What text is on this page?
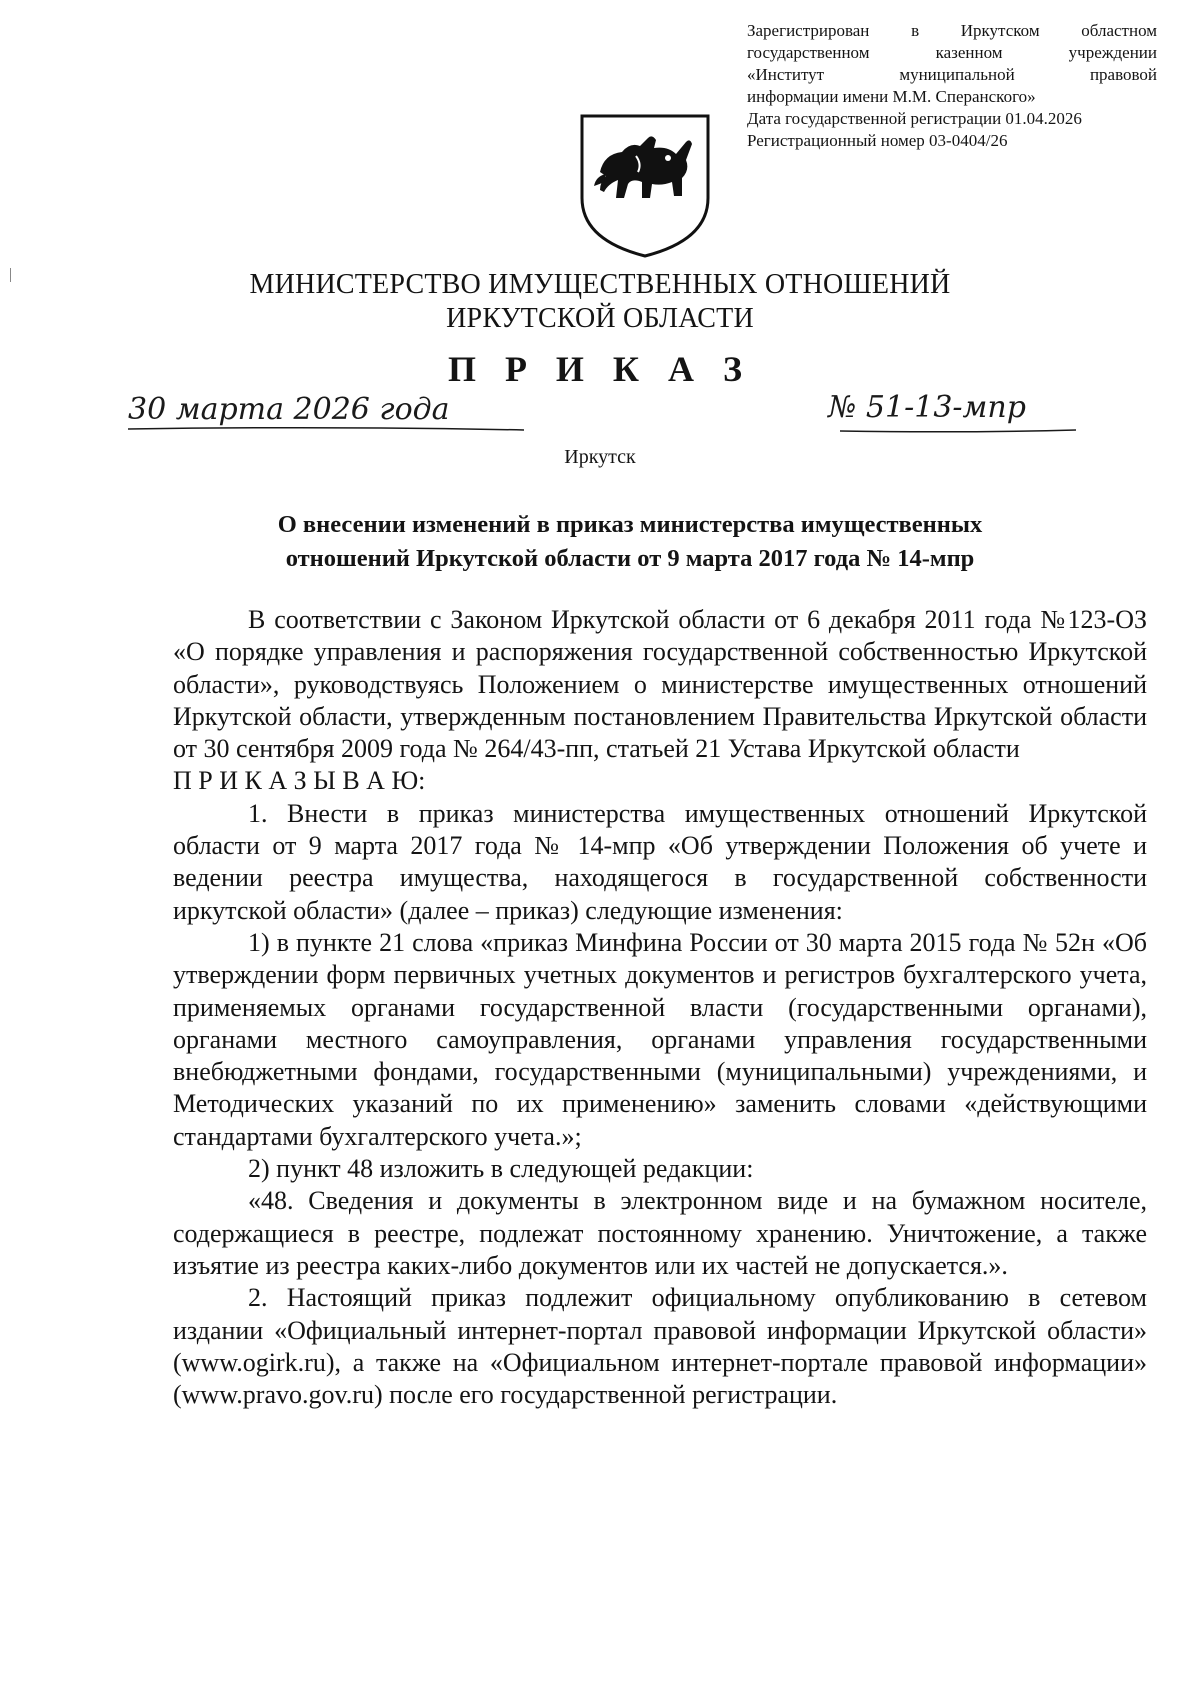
Зарегистрирован в Иркутском областном
государственном казенном учреждении
«Институт муниципальной правовой
информации имени М.М. Сперанского»
Дата государственной регистрации 01.04.2026
Регистрационный номер 03-0404/26
МИНИСТЕРСТВО ИМУЩЕСТВЕННЫХ ОТНОШЕНИЙ
ИРКУТСКОЙ ОБЛАСТИ
П Р И К А З
30 марта 2026 года	№ 51-13-мпр
Иркутск
О внесении изменений в приказ министерства имущественных
отношений Иркутской области от 9 марта 2017 года № 14-мпр

В соответствии с Законом Иркутской области от 6 декабря 2011 года №123-ОЗ «О порядке управления и распоряжения государственной собственностью Иркутской области», руководствуясь Положением о министерстве имущественных отношений Иркутской области, утвержденным постановлением Правительства Иркутской области от 30 сентября 2009 года № 264/43-пп, статьей 21 Устава Иркутской области

П Р И К А З Ы В А Ю:

1. Внести в приказ министерства имущественных отношений Иркутской области от 9 марта 2017 года № 14-мпр «Об утверждении Положения об учете и ведении реестра имущества, находящегося в государственной собственности иркутской области» (далее – приказ) следующие изменения:

1) в пункте 21 слова «приказ Минфина России от 30 марта 2015 года № 52н «Об утверждении форм первичных учетных документов и регистров бухгалтерского учета, применяемых органами государственной власти (государственными органами), органами местного самоуправления, органами управления государственными внебюджетными фондами, государственными (муниципальными) учреждениями, и Методических указаний по их применению» заменить словами «действующими стандартами бухгалтерского учета.»;

2) пункт 48 изложить в следующей редакции:

«48. Сведения и документы в электронном виде и на бумажном носителе, содержащиеся в реестре, подлежат постоянному хранению. Уничтожение, а также изъятие из реестра каких-либо документов или их частей не допускается.».

2. Настоящий приказ подлежит официальному опубликованию в сетевом издании «Официальный интернет-портал правовой информации Иркутской области» (www.ogirk.ru), а также на «Официальном интернет-портале правовой информации» (www.pravo.gov.ru) после его государственной регистрации.
